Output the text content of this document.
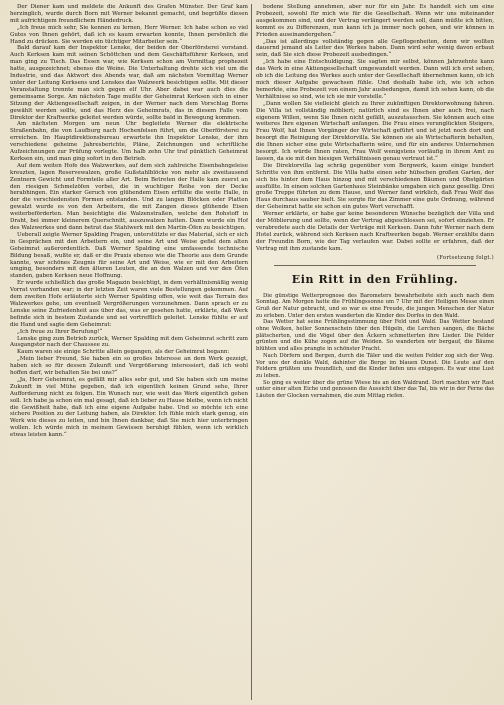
Der Diener kam und meldete die Ankunft des Grafen Münster. Der Graf kam herzinglich, wurde durch Born mit Werner bekannt gemacht, und begrüßte diesen mit aufrichtigem freundlichem Händedruck.

„Ich freue mich sehr, Sie kennen zu lernen, Herr Werner. Ich habe schon so viel Gutes von Ihnen gehört, daß ich es kaum erwarten konnte, Ihnen persönlich die Hand zu drücken. Sie werden ein tüchtiger Mitarbeiter sein.“

Bald darauf kam der Inspektor Lenske, der beiden der Oberförsterei vorstand. Auch Kerksen kam mit seinen Schöttchen und dem Geschäftsführer Kerksen, und man ging zu Tisch. Das Essen war, wie Kerksen schon am Vormittag prophezeit hatte, ausgezeichnet; ebenso die Weine. Die Unterhaltung drehte sich viel um die Industrie, und das Aktwort des Abends war, daß am nächsten Vormittag Werner unter der Leitung Kerksens und Lenskes das Walzwerk besichtigen sollte. Mit dieser Veranstaltung trennte man sich gegen elf Uhr. Aber dabei war auch dies die gemeinsame Sorge. Am nächsten Tage mußte der Geheimrat Kerksen sich in einer Sitzung der Aktiengesellschaft zeigen, in der Werner nach dem Vorschlag Borns gewählt werden sollte, und das Herz des Geheimrats, das in diesem Falle vom Direktor der Kraftwerke geleitet werden würde, sollte bald in Bewegung kommen.

Am nächsten Morgen um neun Uhr begleitete Werner die elektrische Straßenbahn, die von Laufburg nach Hochenfelsen führt, um die Oberförsterei zu erreichen. Im Hauptdirektionsbureau erwartete ihn Inspektor Lenske, der ihm verschiedene geheime Jahresberichte, Pläne, Zeichnungen und schriftliche Aufzeichnungen zur Prüfung vorlegte. Um halb zehn Uhr traf pünktlich Geheimrat Kerksen ein, und man ging sofort in den Betrieb.

Auf dem weiten Hofe des Walzwerkes, auf dem sich zahlreiche Eisenbahngeleise kreuzten, lagen Reservewalzen, große Gußstahlblöcke von mehr als zweitausend Zentnern Gewicht und Formteile aller Art. Beim Betreten der Halle kam zuerst an den riesigen Schmelzöfen vorbei, die in wuchtiger Reihe von der Decke herabhingen. Ein starker Geruch von glühendem Eisen erfüllte die weite Halle, in der die verschiedensten Formen entstanden. Und zu langen Blöcken oder Platten gewalzt wurde es von den Arbeitern, die mit Zangen dieses glühende Eisen weiterbeförderten. Man besichtigte die Walzenstraßen, welche den Rohstoff in Draht, bei immer kleinerem Querschnitt, auszuwalzen hatten. Dann wurde ein Hof des Walzwerkes und dann betrat das Stahlwerk mit den Martin-Öfen zu besichtigen.

Ueberall zeigte Werner Spalding Fragen, unterstützte er das Material, sich er sich in Gesprächen mit den Arbeitern ein, und seine Art und Weise gefiel dem alten Geheimrat außerordentlich. Daß Werner Spalding eine umfassende technische Bildung besaß, wußte er, daß er die Praxis ebenso wie die Theorie aus dem Grunde kannte, war schönes Zeugnis für seine Art und Weise, wie er mit den Arbeitern umging, besonders mit den älteren Leuten, die an den Walzen und vor den Öfen standen, gaben Kerksen neue Hoffnung.

Er wurde schließlich das große Magazin besichtigt, in dem verhältnismäßig wenig Vorrat vorhanden war; in der letzten Zeit waren viele Bestellungen gekommen. Auf dem zweiten Hofe erläuterte sich Werner Spalding offen, wie weit das Terrain des Walzwerkes gehe, um eventuell Vergrößerungen vorzunehmen. Dann sprach er zu Lenske seine Zufriedenheit aus über das, was er gesehen hatte, erklärte, daß Werk befinde sich in bestem Zustande und sei vortrefflich geleitet. Lenske fühlte er auf die Hand und sagte dem Geheimrat:

„Ich freue zu Ihrer Berufung!“

Lenske ging zum Betrieb zurück, Werner Spalding mit dem Geheimrat schritt zum Ausgangstor nach der Chaussee zu.

Kaum waren sie einige Schritte allein gegangen, als der Geheimrat begann:

„Mein lieber Freund, Sie haben ein so großes Interesse an dem Werk gezeigt, haben sich so für dessen Zukunft und Vergrößerung interessiert, daß ich wohl hoffen darf, wir behalten Sie bei uns?“

„Ja, Herr Geheimrat, es gefällt mir alles sehr gut, und Sie haben sich um meine Zukunft in viel Mühe gegeben, daß ich eigentlich keinen Grund sehe, Ihrer Aufforderung nicht zu folgen. Ein Wunsch nur, wie weit das Werk eigentlich gehen soll. Ich habe ja schon ein mal gesagt, daß ich lieber zu Hause bleibe, wenn ich nicht die Gewißheit habe, daß ich eine eigene Aufgabe habe. Und so möchte ich eine sichere Position zu der Leitung haben, als Direktor. Ich fühle mich stark genug, ein Werk wie dieses zu leiten, und bin Ihnen dankbar, daß Sie mich hier unterbringen wollen. Ich würde mich in meinem Gewissen beruhigt fühlen, wenn ich wirklich etwas leisten kann.“

bodene Stellung annehmen, aber nur für ein Jahr. Es handelt sich um eine Probezeit, sowohl für mich wie für die Gesellschaft. Wenn wir uns miteinander ausgekommen sind, und der Vertrag verlängert werden soll, dann müßte ich bitten, kommt es zu Differenzen, nun kann ich ja immer noch gehen, und wir können in Frieden auseinandergehen.“

„Das ist allerdings vollständig gegen alle Gepflogenheiten, denn wir wollten dauernd jemand als Leiter des Werkes haben. Dann wird sehr wenig davon erbaut sein, daß Sie sich diese Probezeit ausbedingen.“

„Ich habe eine Entschuldigung. Sie sagten mir selbst, können Jahrzehnte kann das Werk in eine Aktiengesellschaft umgewandelt werden. Dann will ich erst sehen, ob ich die Leitung des Werkes auch unter der Gesellschaft übernehmen kann, ob ich mich dieser Aufgabe gewachsen fühle. Und deshalb habe ich, wie ich schon bemerkte, eine Probezeit von einem Jahr ausbedungen, damit ich sehen kann, ob die Verhältnisse so sind, wie ich sie mir vorstelle.“

„Dann wollen Sie vielleicht gleich zu Ihrer zukünftigen Direktorwohnung fahren. Die Villa ist vollständig möbliert; natürlich sind es Ihnen aber auch frei, nach eigenem Willen, wenn Sie Ihnen nicht gefällt, auszutauschen. Sie können auch eine weiteres Ihre eigenen Wirtschaft anfangen. Die Frau eines verunglückten Steigers, Frau Wolf, hat Ihnen Vorgänger der Wirtschaft geführt und ist jetzt noch dort und besorgt die Reinigung der Direktorvilla. Sie können sie als Wirtschafterin behalten, die Ihnen sicher eine gute Wirtschafterin wäre, und für ein anderes Unternehmen besorgt. Ich würde Ihnen raten, Frau Wolf wenigstens vorläufig in ihrem Amt zu lassen, da sie mit den hiesigen Verhältnissen genau vertraut ist.“

Die Direktorvilla lag schräg gegenüber vom Bergwerk, kaum einige hundert Schritte von ihm entfernt. Die Villa hatte einen sehr hübschen großen Garten, der sich bis hinter dem Haus hinzog und mit verschiedenen Bäumen und Obstgärten ausfüllte. In einem solchen Gartenhaus Steinbänke umgaben sich ganz gesellig. Drei große Treppe führten zu dem Hause, und Werner fand wirklich, daß Frau Wolf das Haus durchaus sauber hielt. Sie sorgte für das Zimmer eine gute Ordnung, während der Geheimrat hatte sie schon ein gutes Wort verschafft.

Werner erklärte, er habe gar keine besonderen Wünsche bezüglich der Villa und der Möblierung und sollte, wenn der Vertrag abgeschlossen sei, sofort einziehen. Er verabredete auch die Details der Verträge mit Kerksen. Dann fuhr Werner nach dem Hotel zurück, während sich Kerksen nach Kraftwerken begab. Werner erzählte dann der Freundin Born, wie der Tag verlaufen war. Dabei sollte er erfahren, daß der Vertrag mit ihm zustande kam.

(Fortsetzung folgt.)
Ein Ritt in den Frühling.

Die günstige Wetterprognose des Barometers bewahrheitete sich auch nach dem Sonntag. Am Morgen hatte die Frühlingssonne um 7 Uhr mit der Heiligen Messe einen Gruß der Natur gebracht, und so war es eine Freude, die jungen Menschen der Natur zu erleben. Unter den ersten wanderten die Kinder des Dorfes in den Wald.

Das Wetter hat seine Frühlingsstimmung über Feld und Wald. Das Wetter bestand ohne Wolken, heller Sonnenschein über den Hügeln, die Lerchen sangen, die Bäche plätscherten, und die Vögel über den Äckern schmetterten ihre Lieder. Die Felder grünten und die Kühe zogen auf die Weiden. So wanderten wir bergauf, die Bäume blühten und alles prangte in schönster Pracht.

Nach Dörfern und Bergen, durch die Täler und die weiten Felder zog sich der Weg. Vor uns der dunkle Wald, dahinter die Berge im blauen Dunst. Die Leute auf den Feldern grüßten uns freundlich, und die Kinder liefen uns entgegen. Es war eine Lust zu leben.

So ging es weiter über die grüne Wiese bis an den Waldrand. Dort machten wir Rast unter einer alten Eiche und genossen die Aussicht über das Tal, bis wir in der Ferne das Läuten der Glocken vernahmen, die zum Mittag riefen.
